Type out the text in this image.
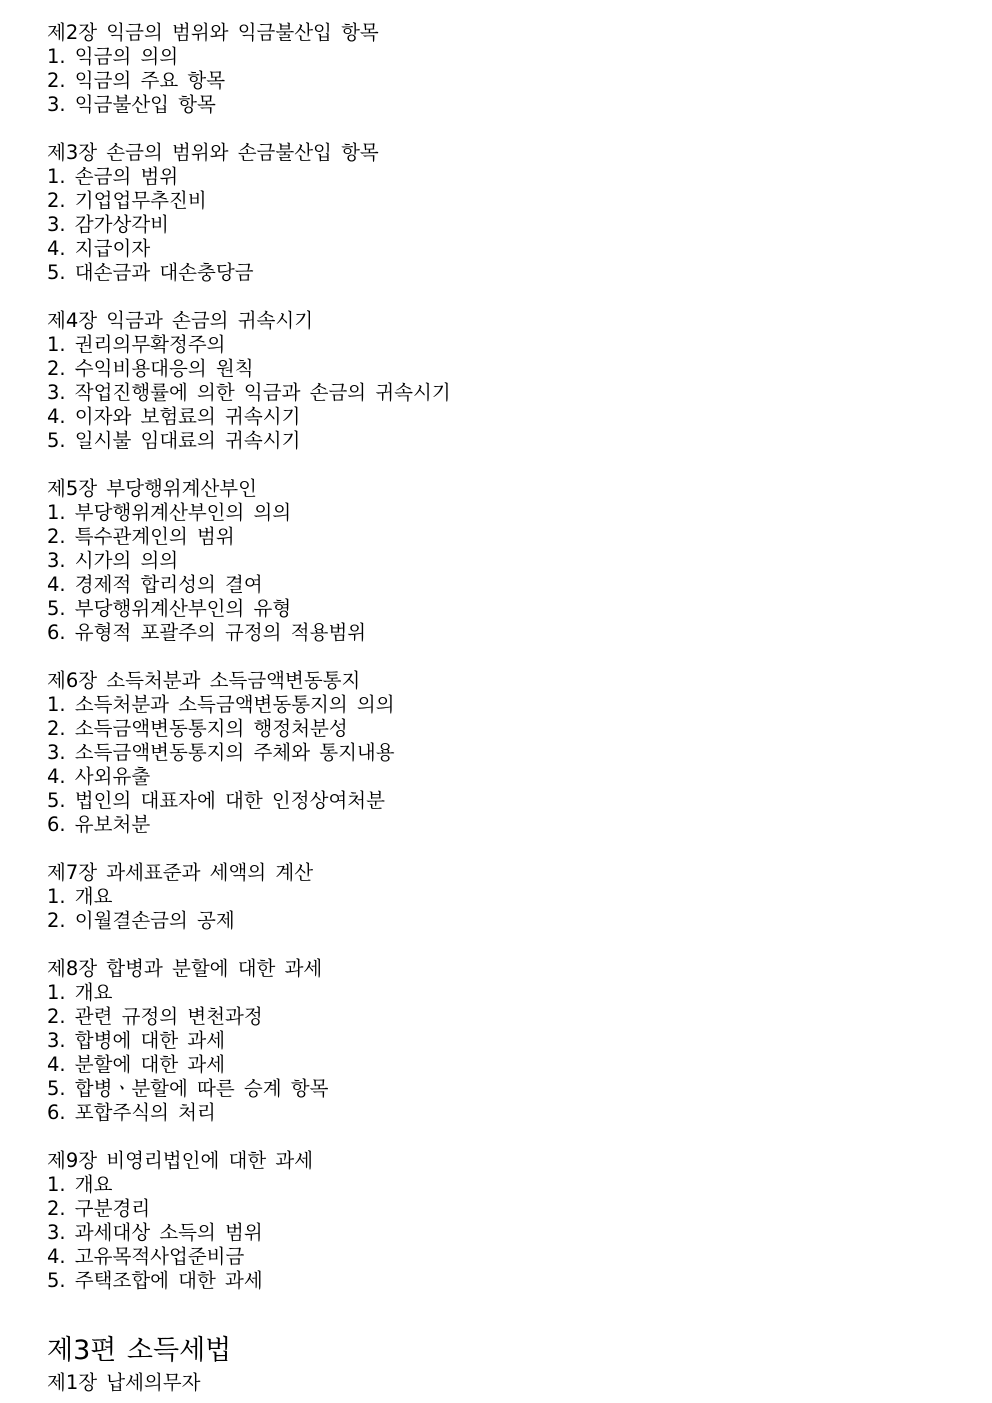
제2장 익금의 범위와 익금불산입 항목
1. 익금의 의의
2. 익금의 주요 항목
3. 익금불산입 항목
제3장 손금의 범위와 손금불산입 항목
1. 손금의 범위
2. 기업업무추진비
3. 감가상각비
4. 지급이자
5. 대손금과 대손충당금
제4장 익금과 손금의 귀속시기
1. 권리의무확정주의
2. 수익비용대응의 원칙
3. 작업진행률에 의한 익금과 손금의 귀속시기
4. 이자와 보험료의 귀속시기
5. 일시불 임대료의 귀속시기
제5장 부당행위계산부인
1. 부당행위계산부인의 의의
2. 특수관계인의 범위
3. 시가의 의의
4. 경제적 합리성의 결여
5. 부당행위계산부인의 유형
6. 유형적 포괄주의 규정의 적용범위
제6장 소득처분과 소득금액변동통지
1. 소득처분과 소득금액변동통지의 의의
2. 소득금액변동통지의 행정처분성
3. 소득금액변동통지의 주체와 통지내용
4. 사외유출
5. 법인의 대표자에 대한 인정상여처분
6. 유보처분
제7장 과세표준과 세액의 계산
1. 개요
2. 이월결손금의 공제
제8장 합병과 분할에 대한 과세
1. 개요
2. 관련 규정의 변천과정
3. 합병에 대한 과세
4. 분할에 대한 과세
5. 합병ㆍ분할에 따른 승계 항목
6. 포합주식의 처리
제9장 비영리법인에 대한 과세
1. 개요
2. 구분경리
3. 과세대상 소득의 범위
4. 고유목적사업준비금
5. 주택조합에 대한 과세
제3편 소득세법
제1장 납세의무자
